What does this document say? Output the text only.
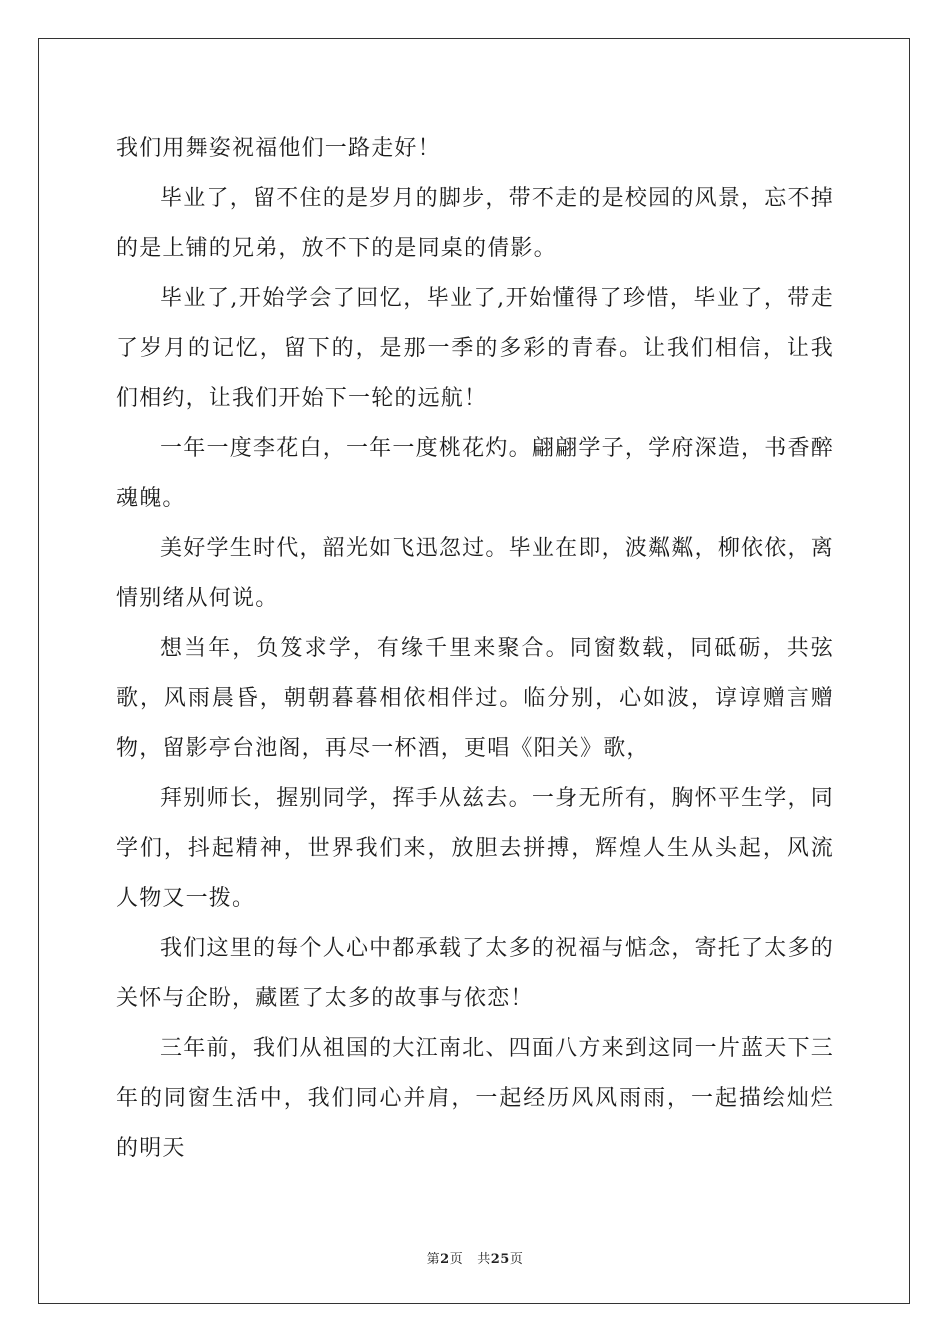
我们用舞姿祝福他们一路走好！

毕业了，留不住的是岁月的脚步，带不走的是校园的风景，忘不掉的是上铺的兄弟，放不下的是同桌的倩影。

毕业了,开始学会了回忆，毕业了,开始懂得了珍惜，毕业了，带走了岁月的记忆，留下的，是那一季的多彩的青春。让我们相信，让我们相约，让我们开始下一轮的远航！

一年一度李花白，一年一度桃花灼。翩翩学子，学府深造，书香醉魂魄。

美好学生时代，韶光如飞迅忽过。毕业在即，波粼粼，柳依依，离情别绪从何说。

想当年，负笈求学，有缘千里来聚合。同窗数载，同砥砺，共弦歌，风雨晨昏，朝朝暮暮相依相伴过。临分别，心如波，谆谆赠言赠物，留影亭台池阁，再尽一杯酒，更唱《阳关》歌，

拜别师长，握别同学，挥手从兹去。一身无所有，胸怀平生学，同学们，抖起精神，世界我们来，放胆去拼搏，辉煌人生从头起，风流人物又一拨。

我们这里的每个人心中都承载了太多的祝福与惦念，寄托了太多的关怀与企盼，藏匿了太多的故事与依恋！

三年前，我们从祖国的大江南北、四面八方来到这同一片蓝天下三年的同窗生活中，我们同心并肩，一起经历风风雨雨，一起描绘灿烂的明天

第2页 共25页
